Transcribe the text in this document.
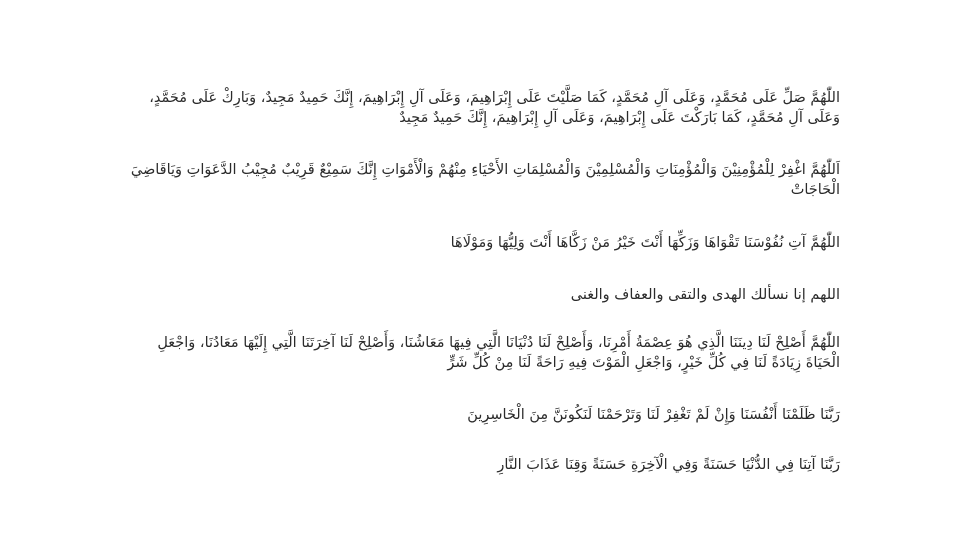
اللّٰهُمَّ صَلِّ عَلَى مُحَمَّدٍ، وَعَلَى آلِ مُحَمَّدٍ، كَمَا صَلَّيْتَ عَلَى إِبْرَاهِيمَ، وَعَلَى آلِ إِبْرَاهِيمَ، إِنَّكَ حَمِيدٌ مَجِيدٌ، وَبَارِكْ عَلَى مُحَمَّدٍ،
وَعَلَى آلِ مُحَمَّدٍ، كَمَا بَارَكْتَ عَلَى إِبْرَاهِيمَ، وَعَلَى آلِ إِبْرَاهِيمَ، إِنَّكَ حَمِيدٌ مَجِيدٌ

اَللّٰهُمَّ اغْفِرْ لِلْمُؤْمِنِيْنَ وَالْمُؤْمِنَاتِ وَالْمُسْلِمِيْنَ وَالْمُسْلِمَاتِ الأَحْيَاءِ مِنْهُمْ وَالْأَمْوَاتِ إِنَّكَ سَمِيْعٌ قَرِيْبٌ مُجِيْبُ الدَّعَوَاتِ وَيَاقَاضِيَ
الْحَاجَاتْ

اللّٰهُمَّ آتِ نُفُوْسَنَا تَقْوَاهَا وَزَكِّهَا أَنْتَ خَيْرُ مَنْ زَكَّاهَا أَنْتَ وَلِيُّهَا وَمَوْلَاهَا

اللهم إنا نسألك الهدى والتقى والعفاف والغنى

اللّٰهُمَّ أَصْلِحْ لَنَا دِينَنَا الَّذِي هُوَ عِصْمَةُ أَمْرِنَا، وَأَصْلِحْ لَنَا دُنْيَانَا الَّتِي فِيهَا مَعَاشُنَا، وَأَصْلِحْ لَنَا آخِرَتَنَا الَّتِي إِلَيْهَا مَعَادُنَا، وَاجْعَلِ
الْحَيَاةَ زِيَادَةً لَنَا فِي كُلِّ خَيْرٍ، وَاجْعَلِ الْمَوْتَ فِيهِ رَاحَةً لَنَا مِنْ كُلِّ شَرٍّ

رَبَّنَا ظَلَمْنَا أَنْفُسَنَا وَإِنْ لَمْ تَغْفِرْ لَنَا وَتَرْحَمْنَا لَنَكُونَنَّ مِنَ الْخَاسِرِينَ

رَبَّنَا آتِنَا فِي الدُّنْيَا حَسَنَةً وَفِي الْآخِرَةِ حَسَنَةً وَقِنَا عَذَابَ النَّارِ
